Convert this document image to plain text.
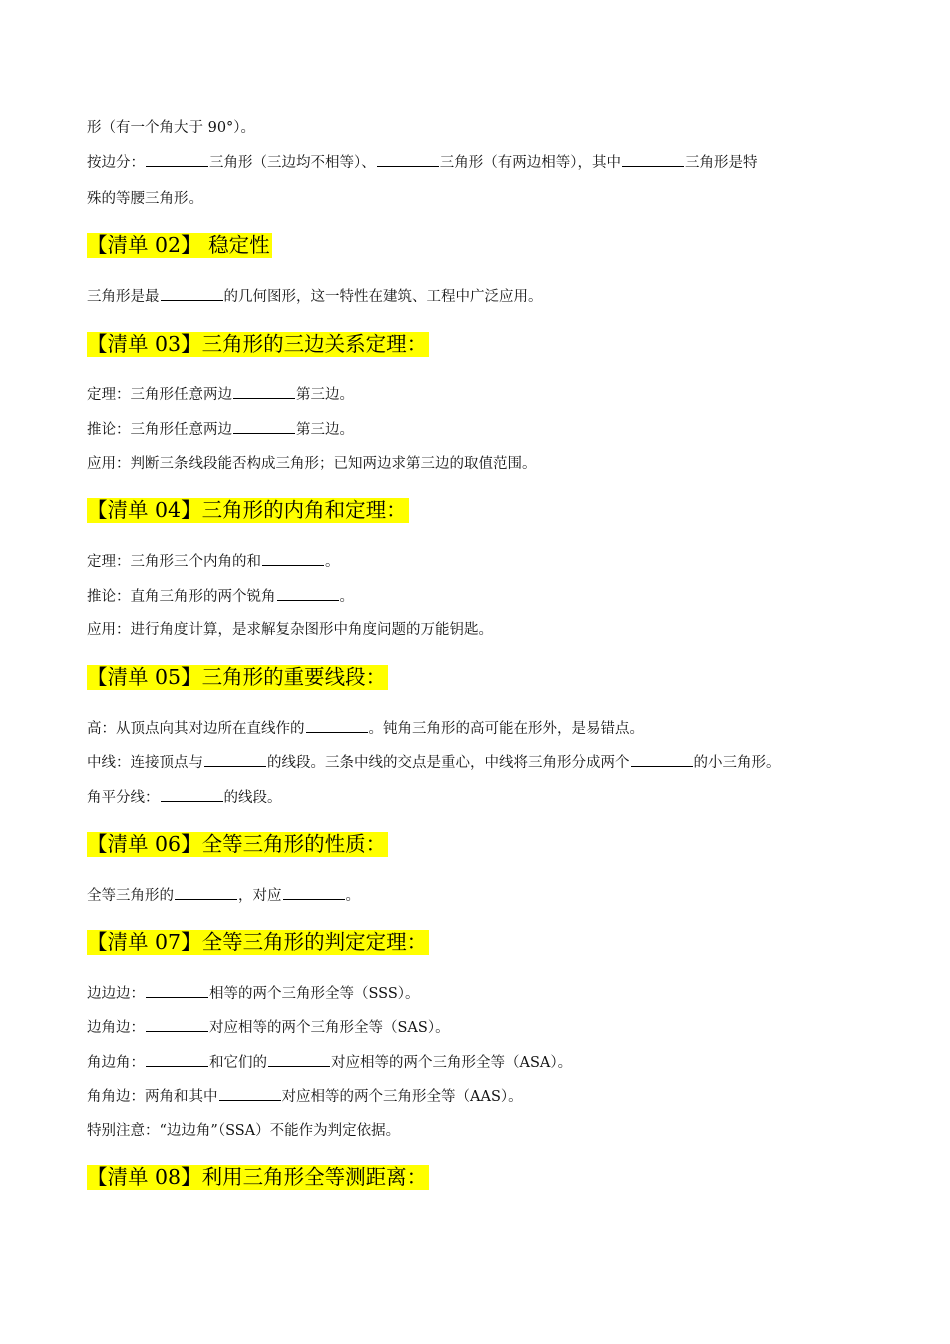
形（有一个角大于 90°）。
按边分：	三角形（三边均不相等）、	三角形（有两边相等），其中	三角形是特
殊的等腰三角形。
【清单 02】 稳定性
三角形是最	的几何图形，这一特性在建筑、工程中广泛应用。
【清单 03】三角形的三边关系定理：
定理：三角形任意两边	第三边。
推论：三角形任意两边	第三边。
应用：判断三条线段能否构成三角形；已知两边求第三边的取值范围。
【清单 04】三角形的内角和定理：
定理：三角形三个内角的和	。
推论：直角三角形的两个锐角	。
应用：进行角度计算，是求解复杂图形中角度问题的万能钥匙。
【清单 05】三角形的重要线段：
高：从顶点向其对边所在直线作的	。钝角三角形的高可能在形外，是易错点。
中线：连接顶点与	的线段。三条中线的交点是重心，中线将三角形分成两个	的小三角形。
角平分线：	的线段。
【清单 06】全等三角形的性质：
全等三角形的	，对应	。
【清单 07】全等三角形的判定定理：
边边边：	相等的两个三角形全等（SSS）。
边角边：	对应相等的两个三角形全等（SAS）。
角边角：	和它们的	对应相等的两个三角形全等（ASA）。
角角边：两角和其中	对应相等的两个三角形全等（AAS）。
特别注意：“边边角”（SSA）不能作为判定依据。
【清单 08】利用三角形全等测距离：
